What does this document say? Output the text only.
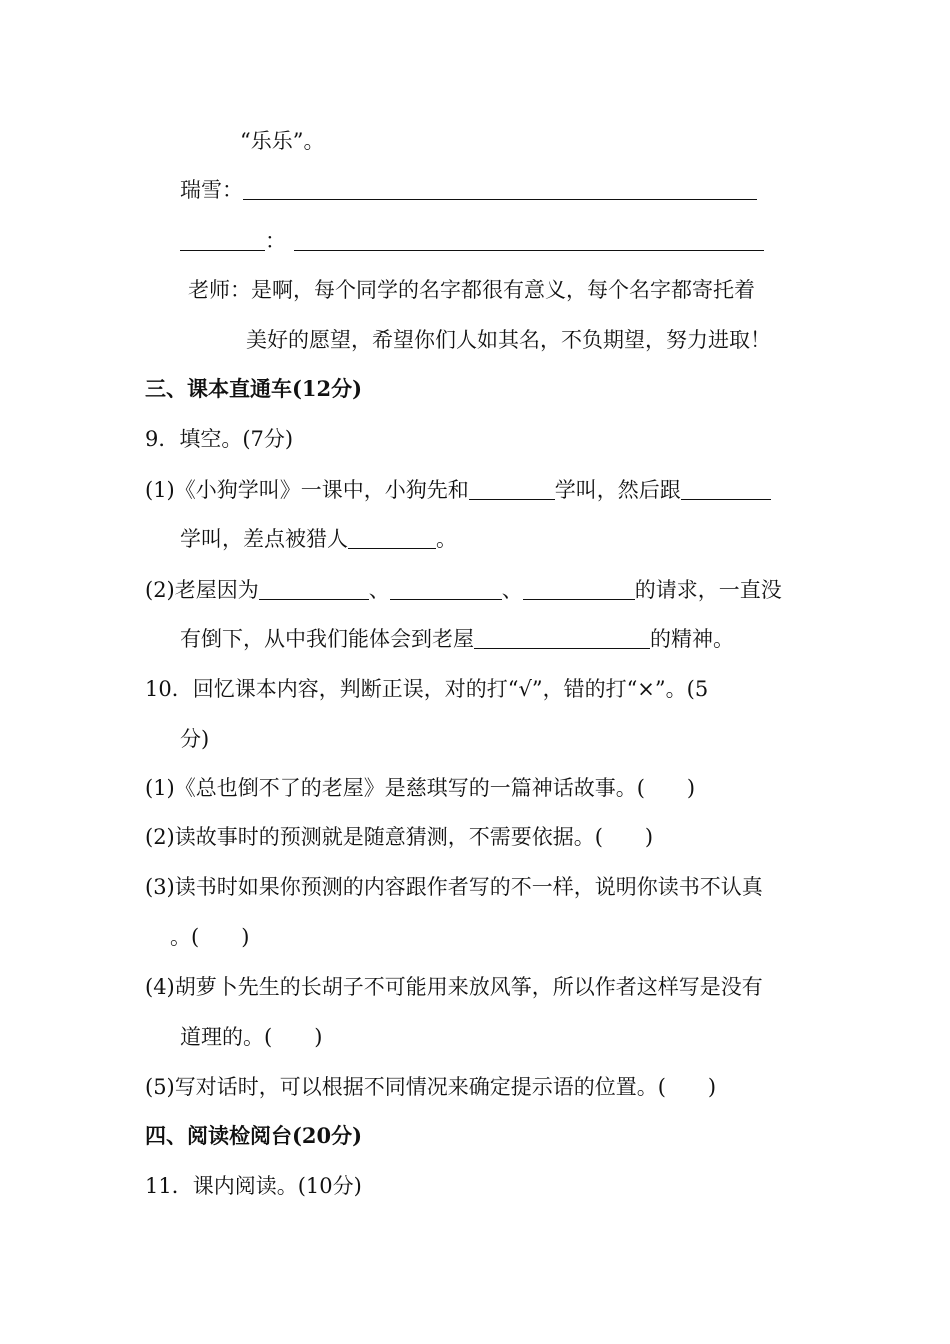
“乐乐”。
瑞雪：
：
老师：是啊，每个同学的名字都很有意义，每个名字都寄托着
美好的愿望，希望你们人如其名，不负期望，努力进取！
三、课本直通车(12分)
9．填空。(7分)
(1)《小狗学叫》一课中，小狗先和	学叫，然后跟
学叫，差点被猎人	。
(2)老屋因为	、	、	的请求，一直没
有倒下，从中我们能体会到老屋	的精神。
10．回忆课本内容，判断正误，对的打“√”，错的打“×”。(5
分)
(1)《总也倒不了的老屋》是慈琪写的一篇神话故事。(　　)
(2)读故事时的预测就是随意猜测，不需要依据。(　　)
(3)读书时如果你预测的内容跟作者写的不一样，说明你读书不认真
。(　　)
(4)胡萝卜先生的长胡子不可能用来放风筝，所以作者这样写是没有
道理的。(　　)
(5)写对话时，可以根据不同情况来确定提示语的位置。(　　)
四、阅读检阅台(20分)
11．课内阅读。(10分)
